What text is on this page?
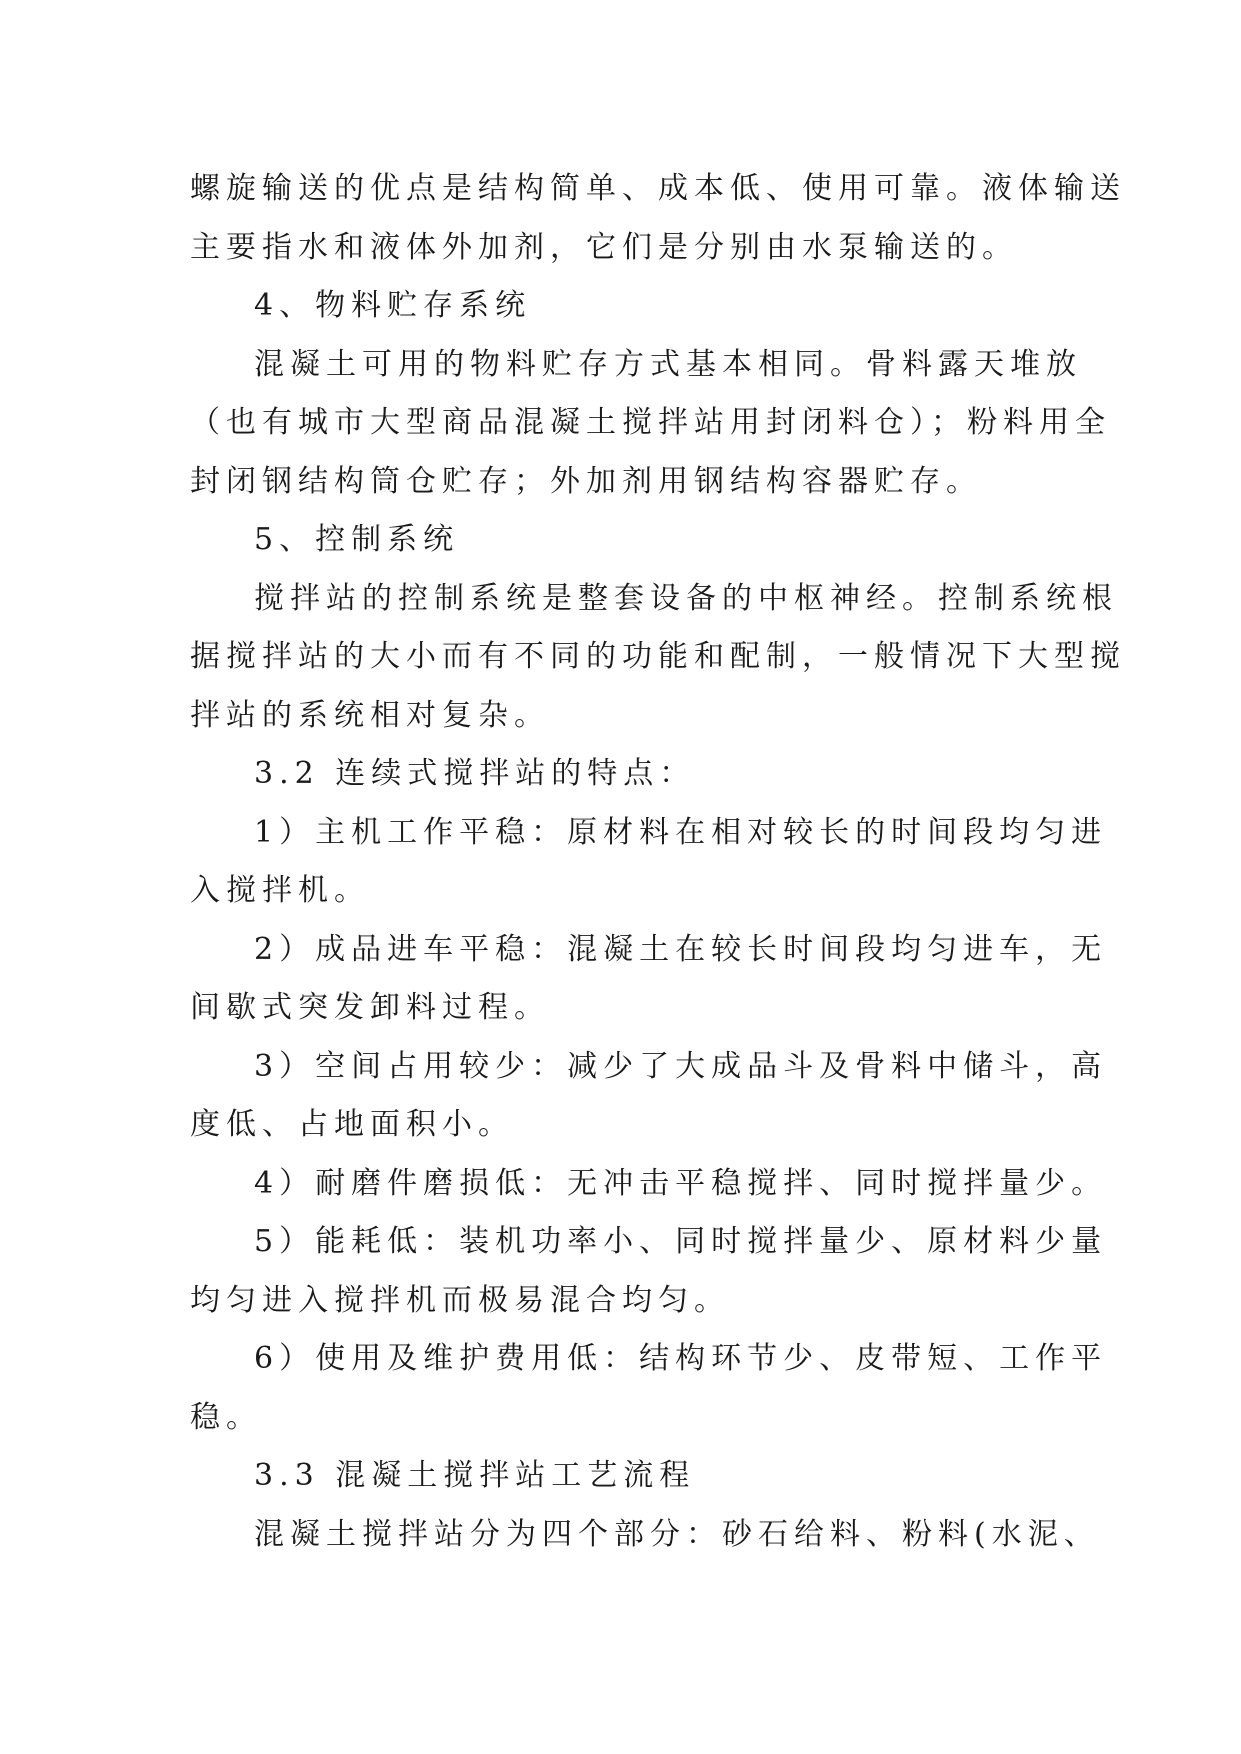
螺旋输送的优点是结构简单、成本低、使用可靠。液体输送
主要指水和液体外加剂，它们是分别由水泵输送的。
4、物料贮存系统
混凝土可用的物料贮存方式基本相同。骨料露天堆放
（也有城市大型商品混凝土搅拌站用封闭料仓）；粉料用全
封闭钢结构筒仓贮存；外加剂用钢结构容器贮存。
5、控制系统
搅拌站的控制系统是整套设备的中枢神经。控制系统根
据搅拌站的大小而有不同的功能和配制，一般情况下大型搅
拌站的系统相对复杂。
3.2 连续式搅拌站的特点：
1）主机工作平稳：原材料在相对较长的时间段均匀进
入搅拌机。
2）成品进车平稳：混凝土在较长时间段均匀进车，无
间歇式突发卸料过程。
3）空间占用较少：减少了大成品斗及骨料中储斗，高
度低、占地面积小。
4）耐磨件磨损低：无冲击平稳搅拌、同时搅拌量少。
5）能耗低：装机功率小、同时搅拌量少、原材料少量
均匀进入搅拌机而极易混合均匀。
6）使用及维护费用低：结构环节少、皮带短、工作平
稳。
3.3 混凝土搅拌站工艺流程
混凝土搅拌站分为四个部分：砂石给料、粉料(水泥、
